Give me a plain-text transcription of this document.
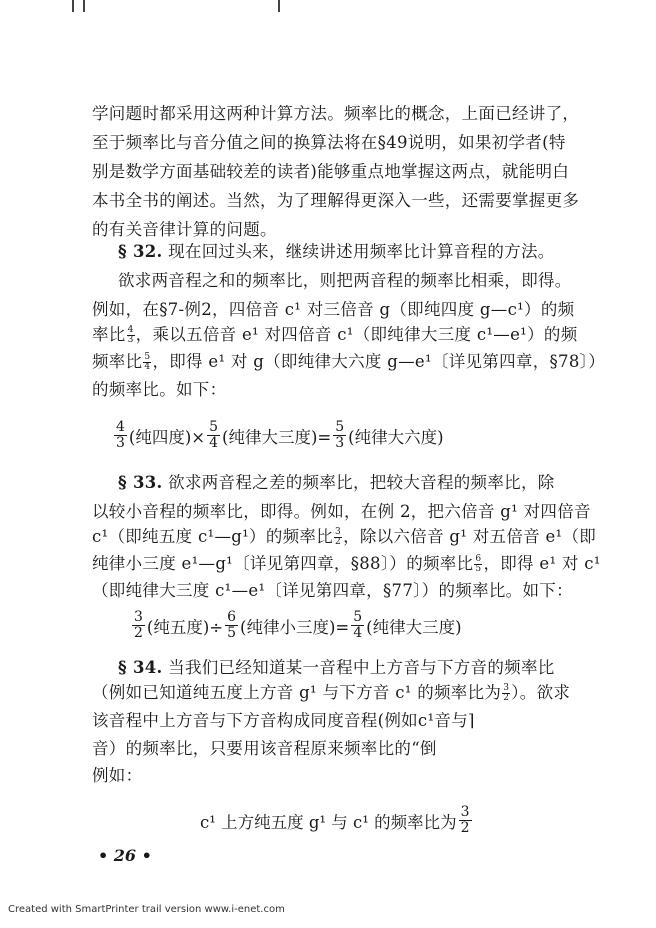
学问题时都采用这两种计算方法。频率比的概念，上面已经讲了，
至于频率比与音分值之间的换算法将在§49说明，如果初学者(特
别是数学方面基础较差的读者)能够重点地掌握这两点，就能明白
本书全书的阐述。当然，为了理解得更深入一些，还需要掌握更多
的有关音律计算的问题。
§ 32. 现在回过头来，继续讲述用频率比计算音程的方法。
欲求两音程之和的频率比，则把两音程的频率比相乘，即得。
例如，在§7-例2，四倍音 c¹ 对三倍音 g（即纯四度 g—c¹）的频
率比 $\frac{4}{3}$ ，乘以五倍音 e¹ 对四倍音 c¹（即纯律大三度 c¹—e¹）的频
频率比 $\frac{5}{4}$ ，即得 e¹ 对 g（即纯律大六度 g—e¹〔详见第四章，§78〕）
的频率比。如下：
4
3 (纯四度)× $\frac{5}{4}$ (纯律大三度)= $\frac{5}{3}$ (纯律大六度)
§ 33. 欲求两音程之差的频率比，把较大音程的频率比，除
以较小音程的频率比，即得。例如，在例 2，把六倍音 g¹ 对四倍音
c¹（即纯五度 c¹—g¹）的频率比 $\frac{3}{2}$ ，除以六倍音 g¹ 对五倍音 e¹（即
纯律小三度 e¹—g¹〔详见第四章，§88〕）的频率比 $\frac{6}{5}$ ，即得 e¹ 对 c¹
（即纯律大三度 c¹—e¹〔详见第四章，§77〕）的频率比。如下：
3
2 (纯五度)÷ $\frac{6}{5}$ (纯律小三度)= $\frac{5}{4}$ (纯律大三度)
§ 34. 当我们已经知道某一音程中上方音与下方音的频率比
（例如已知道纯五度上方音 g¹ 与下方音 c¹ 的频率比为 $\frac{3}{2}$ ）。欲求
该音程中上方音与下方音构成同度音程(例如c¹音与⌉
音）的频率比，只要用该音程原来频率比的“倒
例如：
c¹ 上方纯五度 g¹ 与 c¹ 的频率比为
3
2
• 26 •
Created with SmartPrinter trail version www.i-enet.com
